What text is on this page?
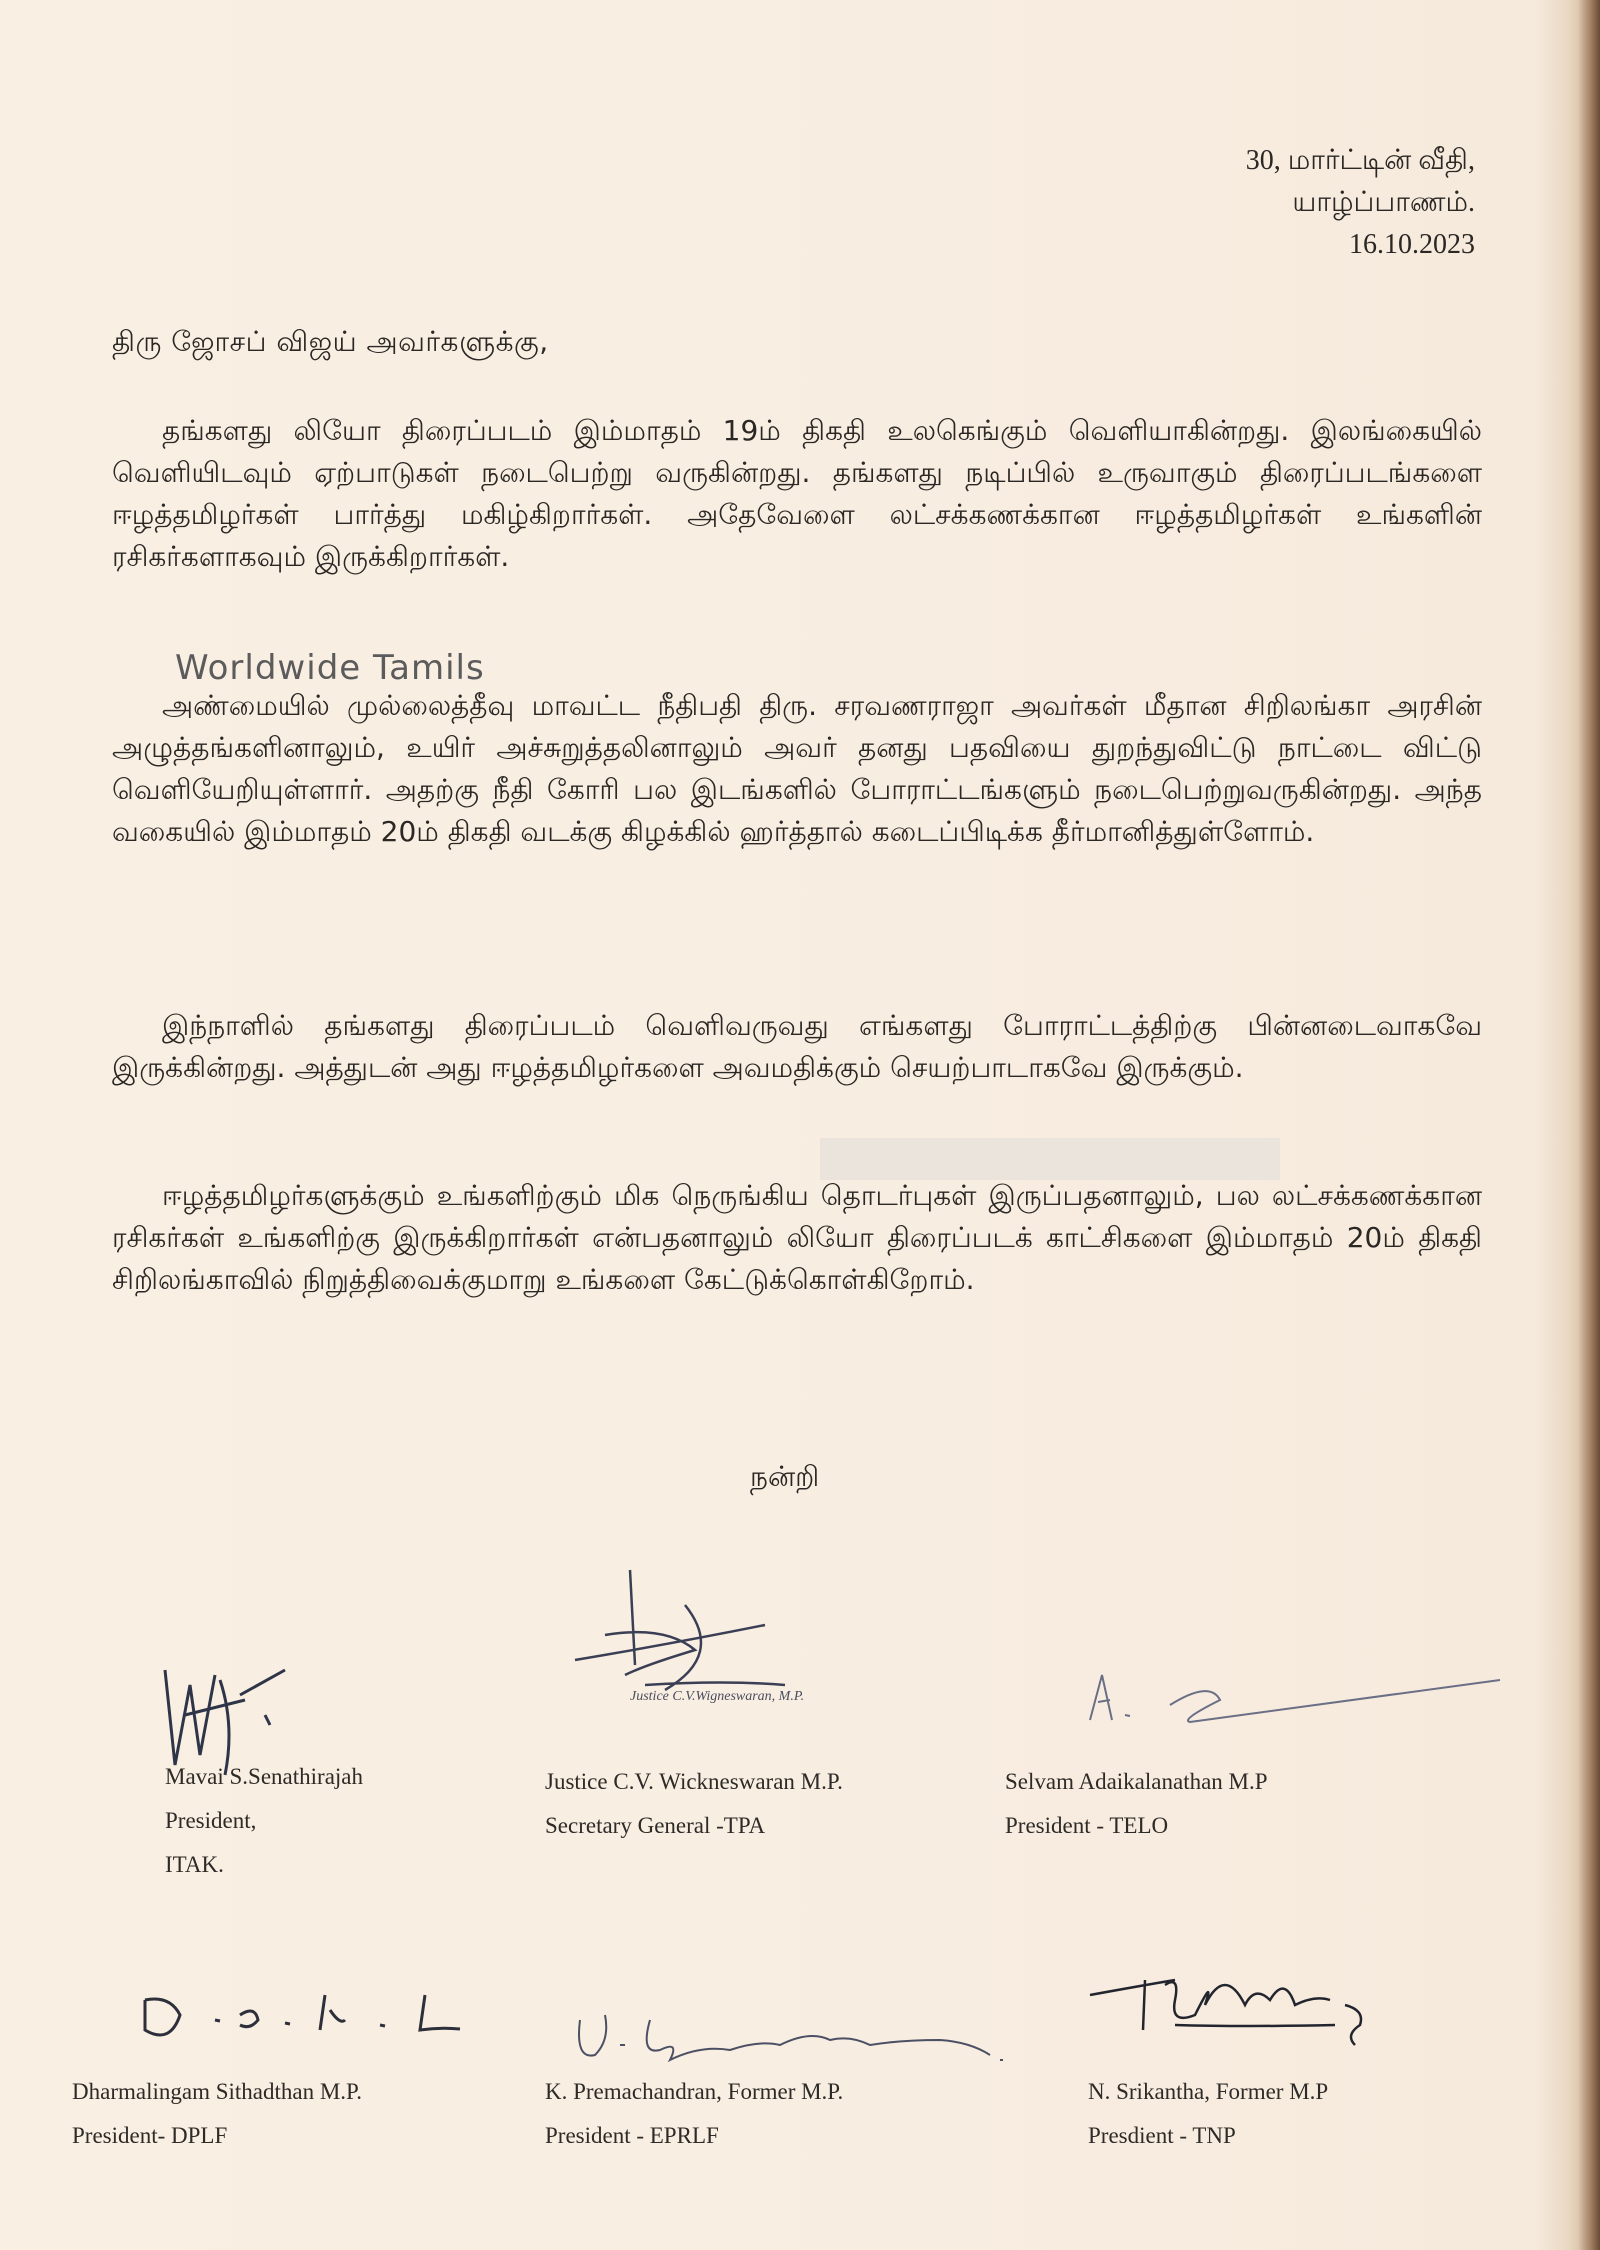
30, மார்ட்டின் வீதி,
யாழ்ப்பாணம்.
16.10.2023
திரு ஜோசப் விஜய் அவர்களுக்கு,

தங்களது லியோ திரைப்படம் இம்மாதம் 19ம் திகதி உலகெங்கும் வெளியாகின்றது. இலங்கையில் வெளியிடவும் ஏற்பாடுகள் நடைபெற்று வருகின்றது. தங்களது நடிப்பில் உருவாகும் திரைப்படங்களை ஈழத்தமிழர்கள் பார்த்து மகிழ்கிறார்கள். அதேவேளை லட்சக்கணக்கான ஈழத்தமிழர்கள் உங்களின் ரசிகர்களாகவும் இருக்கிறார்கள்.

Worldwide Tamils

அண்மையில் முல்லைத்தீவு மாவட்ட நீதிபதி திரு. சரவணராஜா அவர்கள் மீதான சிறிலங்கா அரசின் அழுத்தங்களினாலும், உயிர் அச்சுறுத்தலினாலும் அவர் தனது பதவியை துறந்துவிட்டு நாட்டை விட்டு வெளியேறியுள்ளார். அதற்கு நீதி கோரி பல இடங்களில் போராட்டங்களும் நடைபெற்றுவருகின்றது. அந்த வகையில் இம்மாதம் 20ம் திகதி வடக்கு கிழக்கில் ஹர்த்தால் கடைப்பிடிக்க தீர்மானித்துள்ளோம்.

இந்நாளில் தங்களது திரைப்படம் வெளிவருவது எங்களது போராட்டத்திற்கு பின்னடைவாகவே இருக்கின்றது. அத்துடன் அது ஈழத்தமிழர்களை அவமதிக்கும் செயற்பாடாகவே இருக்கும்.

ஈழத்தமிழர்களுக்கும் உங்களிற்கும் மிக நெருங்கிய தொடர்புகள் இருப்பதனாலும், பல லட்சக்கணக்கான ரசிகர்கள் உங்களிற்கு இருக்கிறார்கள் என்பதனாலும் லியோ திரைப்படக் காட்சிகளை இம்மாதம் 20ம் திகதி சிறிலங்காவில் நிறுத்திவைக்குமாறு உங்களை கேட்டுக்கொள்கிறோம்.

நன்றி
Justice C.V.Wigneswaran, M.P.
Mavai S.Senathirajah
President,
ITAK.
Justice C.V. Wickneswaran M.P.
Secretary General -TPA
Selvam Adaikalanathan M.P
President - TELO
Dharmalingam Sithadthan M.P.
President- DPLF
K. Premachandran, Former M.P.
President - EPRLF
N. Srikantha, Former M.P
Presdient - TNP
